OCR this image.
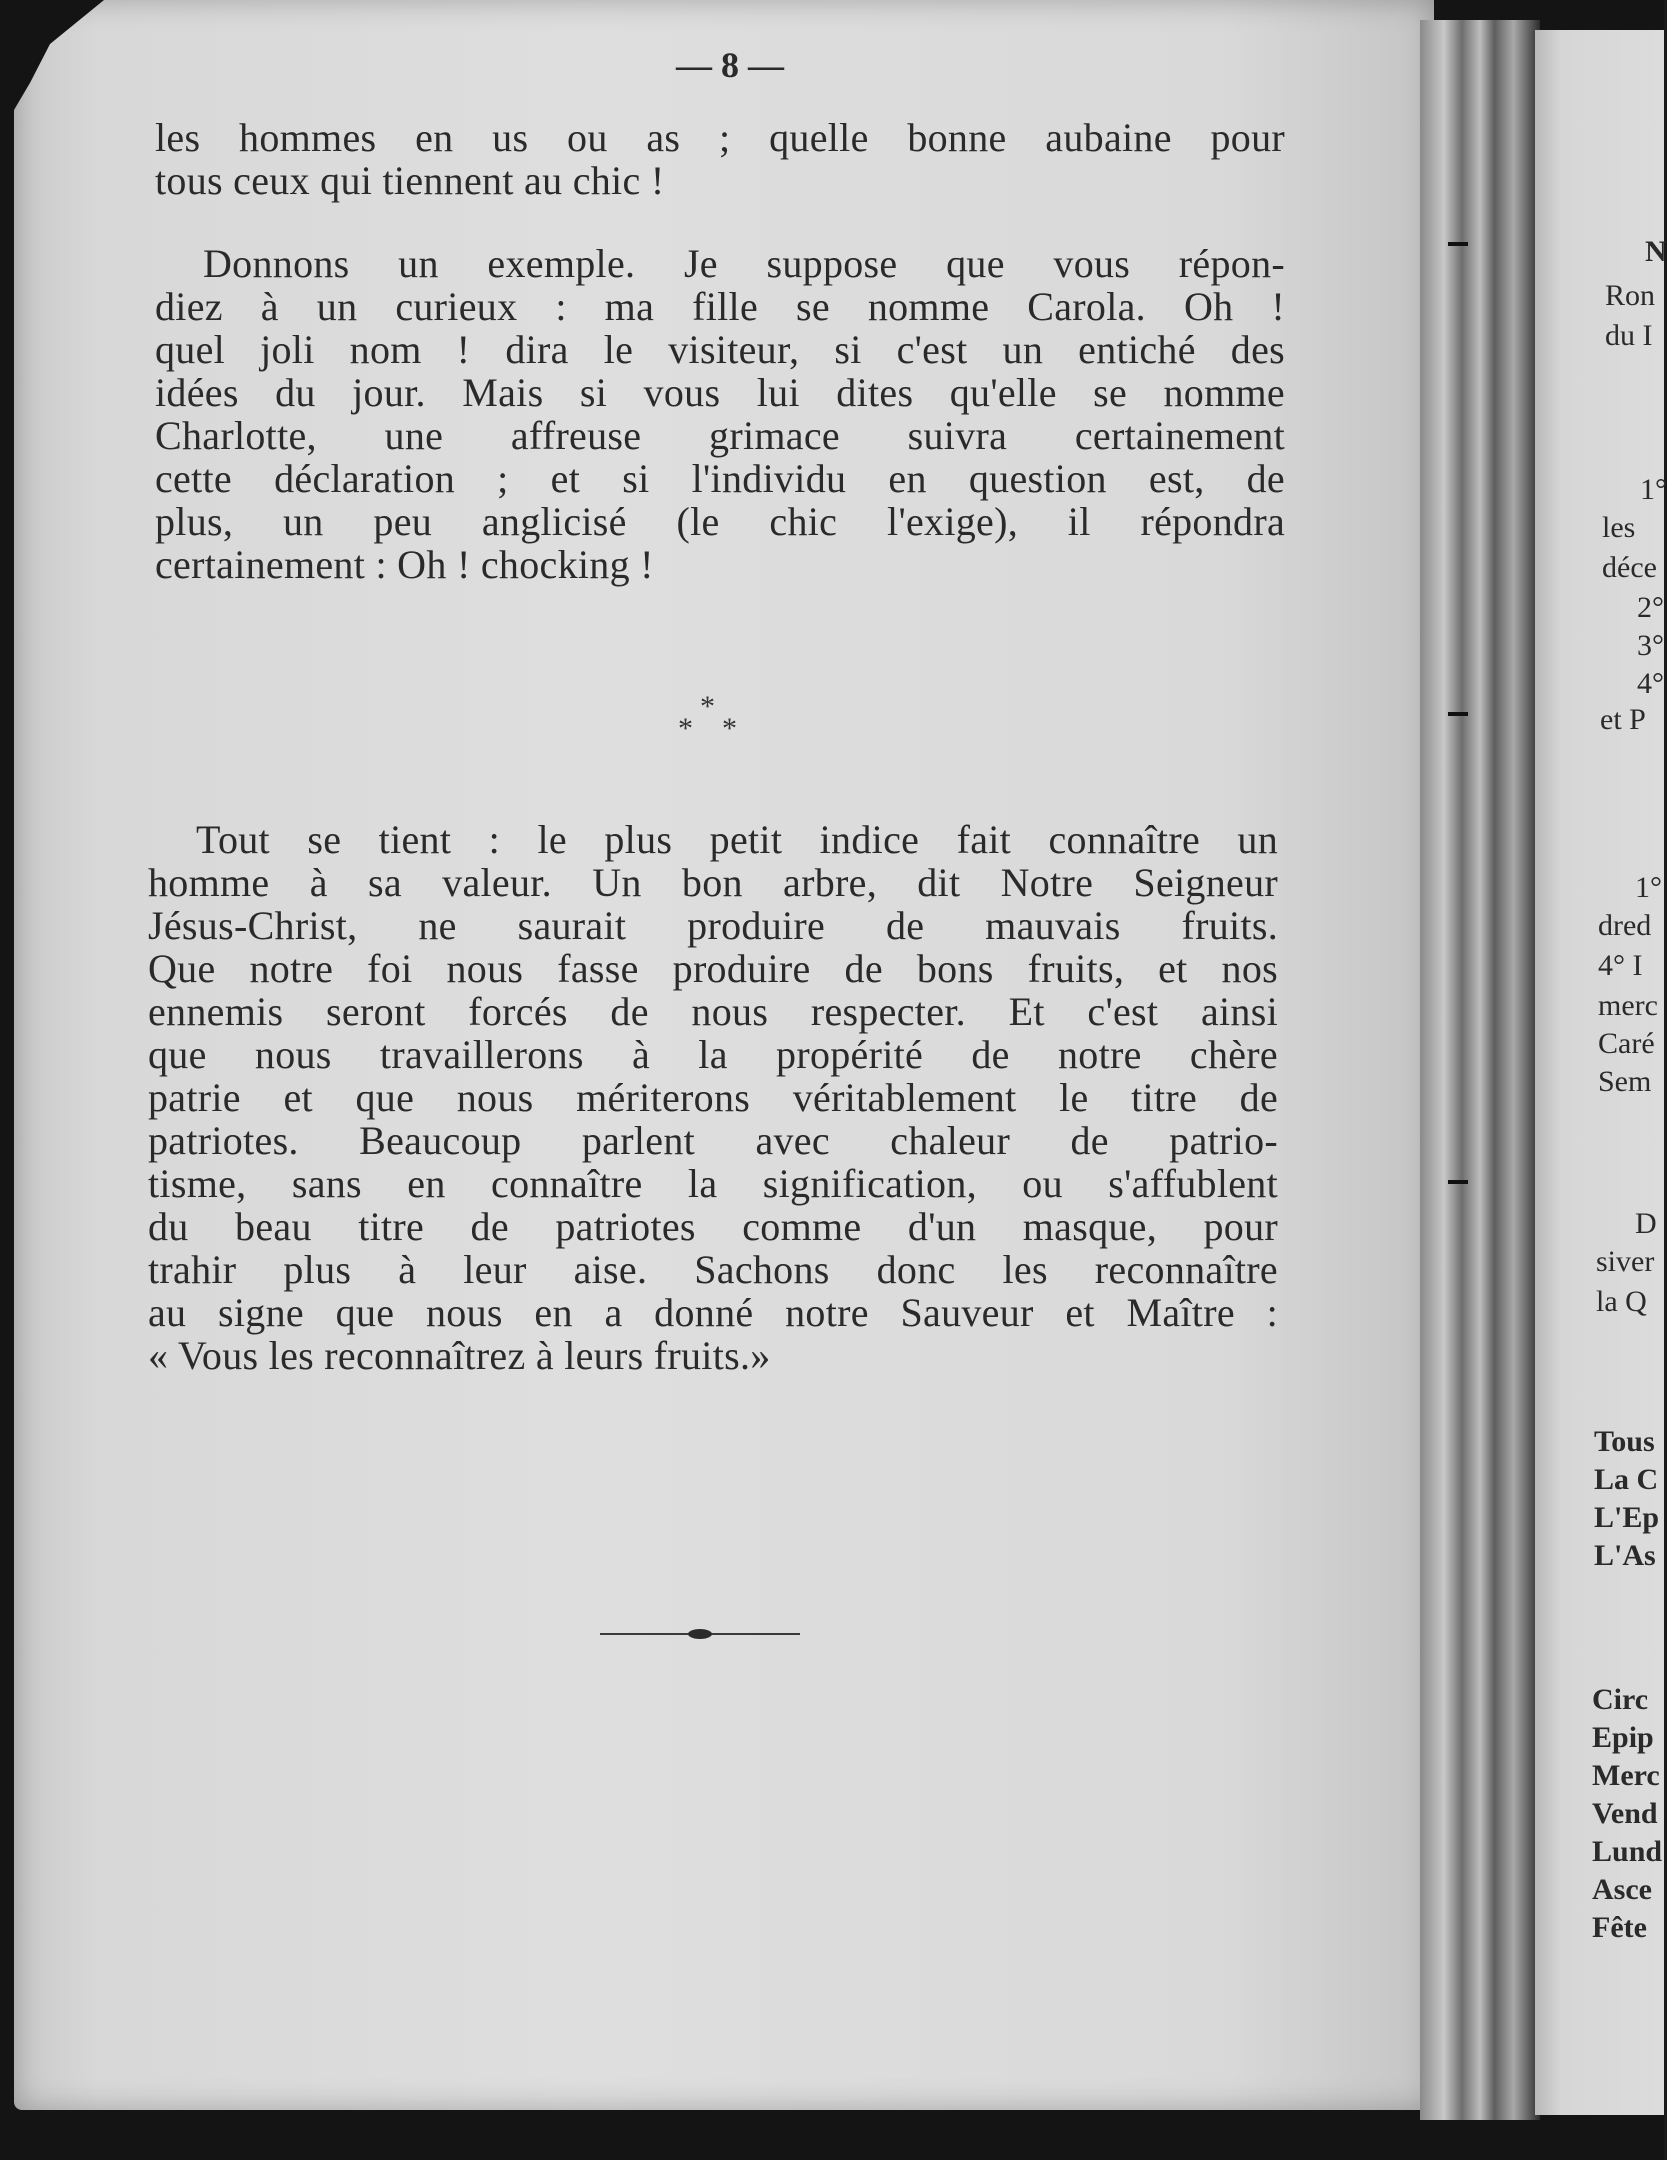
— 8 —
les hommes en us ou as ; quelle bonne aubaine pour
tous ceux qui tiennent au chic !
Donnons un exemple. Je suppose que vous répon-
diez à un curieux : ma fille se nomme Carola. Oh !
quel joli nom ! dira le visiteur, si c'est un entiché des
idées du jour. Mais si vous lui dites qu'elle se nomme
Charlotte, une affreuse grimace suivra certainement
cette déclaration ; et si l'individu en question est, de
plus, un peu anglicisé (le chic l'exige), il répondra
certainement : Oh ! chocking !
*
* *
Tout se tient : le plus petit indice fait connaître un
homme à sa valeur. Un bon arbre, dit Notre Seigneur
Jésus-Christ, ne saurait produire de mauvais fruits.
Que notre foi nous fasse produire de bons fruits, et nos
ennemis seront forcés de nous respecter. Et c'est ainsi
que nous travaillerons à la propérité de notre chère
patrie et que nous mériterons véritablement le titre de
patriotes. Beaucoup parlent avec chaleur de patrio-
tisme, sans en connaître la signification, ou s'affublent
du beau titre de patriotes comme d'un masque, pour
trahir plus à leur aise. Sachons donc les reconnaître
au signe que nous en a donné notre Sauveur et Maître :
« Vous les reconnaîtrez à leurs fruits.»
N
Ron
du I
1°
les
déce
2°
3°
4°
et P
1°
dred
4° I
merc
Caré
Sem
D
siver
la Q
Tous
La C
L'Ep
L'As
Circ
Epip
Merc
Vend
Lund
Asce
Fête
